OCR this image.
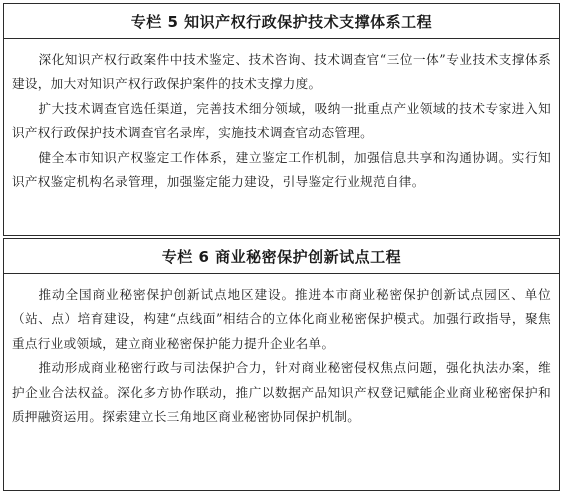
专栏 5 知识产权行政保护技术支撑体系工程

深化知识产权行政案件中技术鉴定、技术咨询、技术调查官“三位一体”专业技术支撑体系建设，加大对知识产权行政保护案件的技术支撑力度。

扩大技术调查官选任渠道，完善技术细分领域，吸纳一批重点产业领域的技术专家进入知识产权行政保护技术调查官名录库，实施技术调查官动态管理。

健全本市知识产权鉴定工作体系，建立鉴定工作机制，加强信息共享和沟通协调。实行知识产权鉴定机构名录管理，加强鉴定能力建设，引导鉴定行业规范自律。

专栏 6 商业秘密保护创新试点工程

推动全国商业秘密保护创新试点地区建设。推进本市商业秘密保护创新试点园区、单位（站、点）培育建设，构建“点线面”相结合的立体化商业秘密保护模式。加强行政指导，聚焦重点行业或领域，建立商业秘密保护能力提升企业名单。

推动形成商业秘密行政与司法保护合力，针对商业秘密侵权焦点问题，强化执法办案，维护企业合法权益。深化多方协作联动，推广以数据产品知识产权登记赋能企业商业秘密保护和质押融资运用。探索建立长三角地区商业秘密协同保护机制。
